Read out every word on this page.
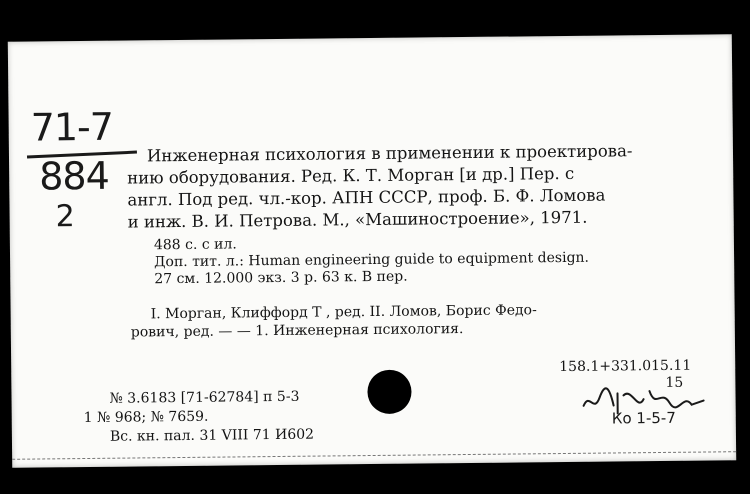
71-7
884
2
Инженерная психология в применении к проектирова-
нию оборудования. Ред. К. Т. Морган [и др.] Пер. с
англ. Под ред. чл.-кор. АПН СССР, проф. Б. Ф. Ломова
и инж. В. И. Петрова. М., «Машиностроение», 1971.
488 с. с ил.
Доп. тит. л.: Human engineering guide to equipment design.
27 см. 12.000 экз. 3 р. 63 к. В пер.
I. Морган, Клиффорд Т , ред. II. Ломов, Борис Федо-
рович, ред. — — 1. Инженерная психология.
158.1+331.015.11
15
№ 3.6183 [71-62784] п 5-3
1 № 968; № 7659.
Вс. кн. пал. 31 VIII 71 И602
Ко 1-5-7
